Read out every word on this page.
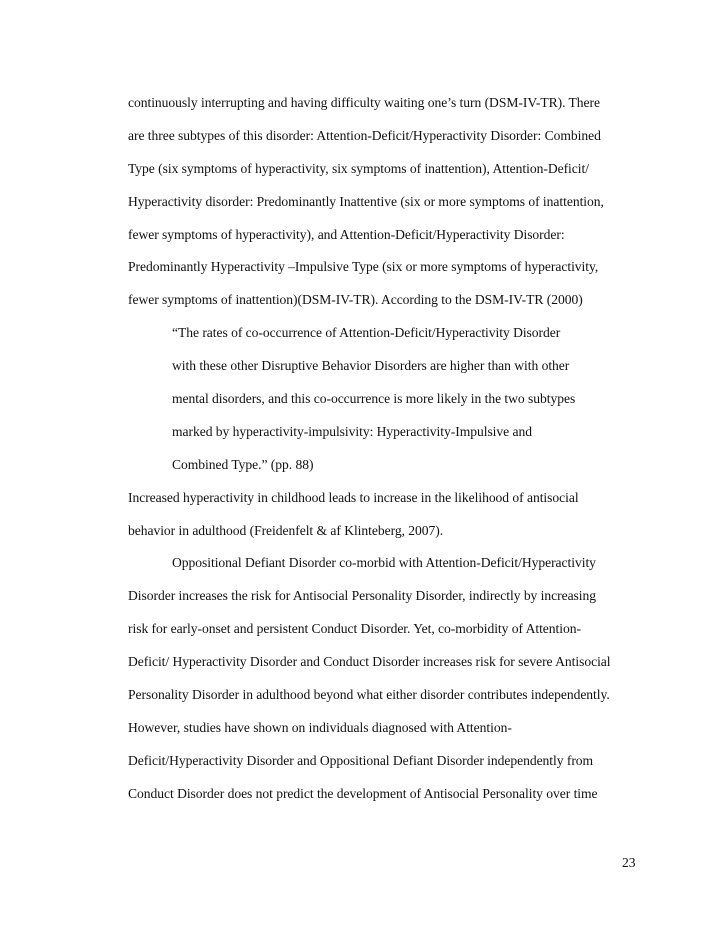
continuously interrupting and having difficulty waiting one’s turn (DSM-IV-TR). There
are three subtypes of this disorder: Attention-Deficit/Hyperactivity Disorder: Combined
Type (six symptoms of hyperactivity, six symptoms of inattention), Attention-Deficit/
Hyperactivity disorder: Predominantly Inattentive (six or more symptoms of inattention,
fewer symptoms of hyperactivity), and Attention-Deficit/Hyperactivity Disorder:
Predominantly Hyperactivity –Impulsive Type (six or more symptoms of hyperactivity,
fewer symptoms of inattention)(DSM-IV-TR). According to the DSM-IV-TR (2000)
“The rates of co-occurrence of Attention-Deficit/Hyperactivity Disorder
with these other Disruptive Behavior Disorders are higher than with other
mental disorders, and this co-occurrence is more likely in the two subtypes
marked by hyperactivity-impulsivity: Hyperactivity-Impulsive and
Combined Type.” (pp. 88)
Increased hyperactivity in childhood leads to increase in the likelihood of antisocial
behavior in adulthood (Freidenfelt & af Klinteberg, 2007).
Oppositional Defiant Disorder co-morbid with Attention-Deficit/Hyperactivity
Disorder increases the risk for Antisocial Personality Disorder, indirectly by increasing
risk for early-onset and persistent Conduct Disorder. Yet, co-morbidity of Attention-
Deficit/ Hyperactivity Disorder and Conduct Disorder increases risk for severe Antisocial
Personality Disorder in adulthood beyond what either disorder contributes independently.
However, studies have shown on individuals diagnosed with Attention-
Deficit/Hyperactivity Disorder and Oppositional Defiant Disorder independently from
Conduct Disorder does not predict the development of Antisocial Personality over time
23
